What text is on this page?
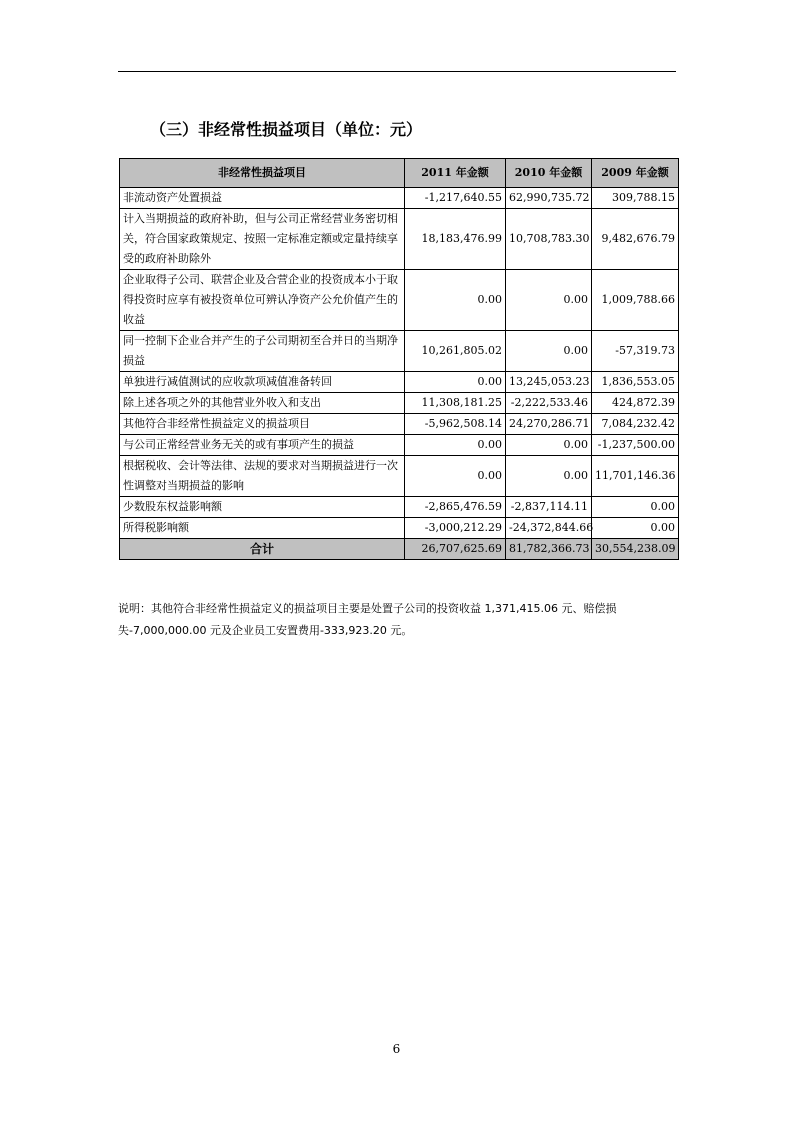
（三）非经常性损益项目（单位：元）
非经常性损益项目	2011 年金额	2010 年金额	2009 年金额
非流动资产处置损益	-1,217,640.55	62,990,735.72	309,788.15
计入当期损益的政府补助，但与公司正常经营业务密切相关，符合国家政策规定、按照一定标准定额或定量持续享受的政府补助除外	18,183,476.99	10,708,783.30	9,482,676.79
企业取得子公司、联营企业及合营企业的投资成本小于取得投资时应享有被投资单位可辨认净资产公允价值产生的收益	0.00	0.00	1,009,788.66
同一控制下企业合并产生的子公司期初至合并日的当期净损益	10,261,805.02	0.00	-57,319.73
单独进行减值测试的应收款项减值准备转回	0.00	13,245,053.23	1,836,553.05
除上述各项之外的其他营业外收入和支出	11,308,181.25	-2,222,533.46	424,872.39
其他符合非经常性损益定义的损益项目	-5,962,508.14	24,270,286.71	7,084,232.42
与公司正常经营业务无关的或有事项产生的损益	0.00	0.00	-1,237,500.00
根据税收、会计等法律、法规的要求对当期损益进行一次性调整对当期损益的影响	0.00	0.00	11,701,146.36
少数股东权益影响额	-2,865,476.59	-2,837,114.11	0.00
所得税影响额	-3,000,212.29	-24,372,844.66	0.00
合计	26,707,625.69	81,782,366.73	30,554,238.09
说明：其他符合非经常性损益定义的损益项目主要是处置子公司的投资收益 1,371,415.06 元、赔偿损失-7,000,000.00 元及企业员工安置费用-333,923.20 元。
6
